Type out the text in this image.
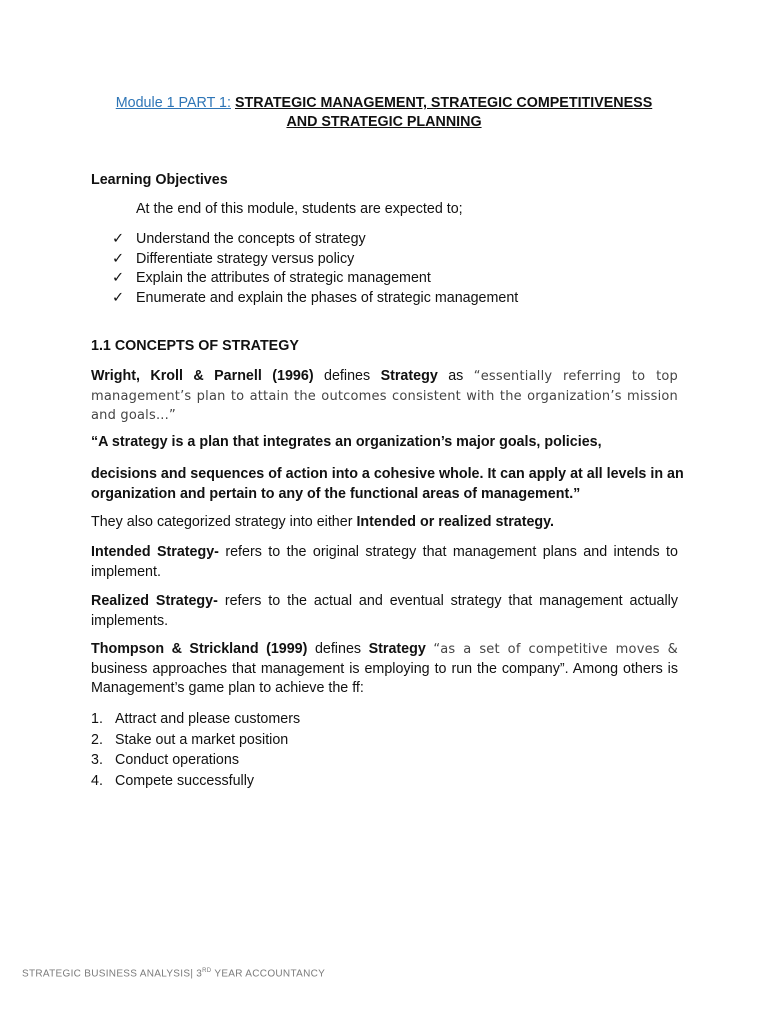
Module 1 PART 1: STRATEGIC MANAGEMENT, STRATEGIC COMPETITIVENESS
AND STRATEGIC PLANNING
Learning Objectives
At the end of this module, students are expected to;
✓ Understand the concepts of strategy
✓ Differentiate strategy versus policy
✓ Explain the attributes of strategic management
✓ Enumerate and explain the phases of strategic management
1.1 CONCEPTS OF STRATEGY
Wright, Kroll & Parnell (1996) defines Strategy as “essentially referring to top management’s plan to attain the outcomes consistent with the organization’s mission and goals...”
“A strategy is a plan that integrates an organization’s major goals, policies,
decisions and sequences of action into a cohesive whole. It can apply at all levels in an organization and pertain to any of the functional areas of management.”
They also categorized strategy into either Intended or realized strategy.
Intended Strategy- refers to the original strategy that management plans and intends to implement.
Realized Strategy- refers to the actual and eventual strategy that management actually implements.
Thompson & Strickland (1999) defines Strategy “as a set of competitive moves & business approaches that management is employing to run the company”. Among others is Management’s game plan to achieve the ff:
1. Attract and please customers
2. Stake out a market position
3. Conduct operations
4. Compete successfully
STRATEGIC BUSINESS ANALYSIS| 3RD YEAR ACCOUNTANCY
